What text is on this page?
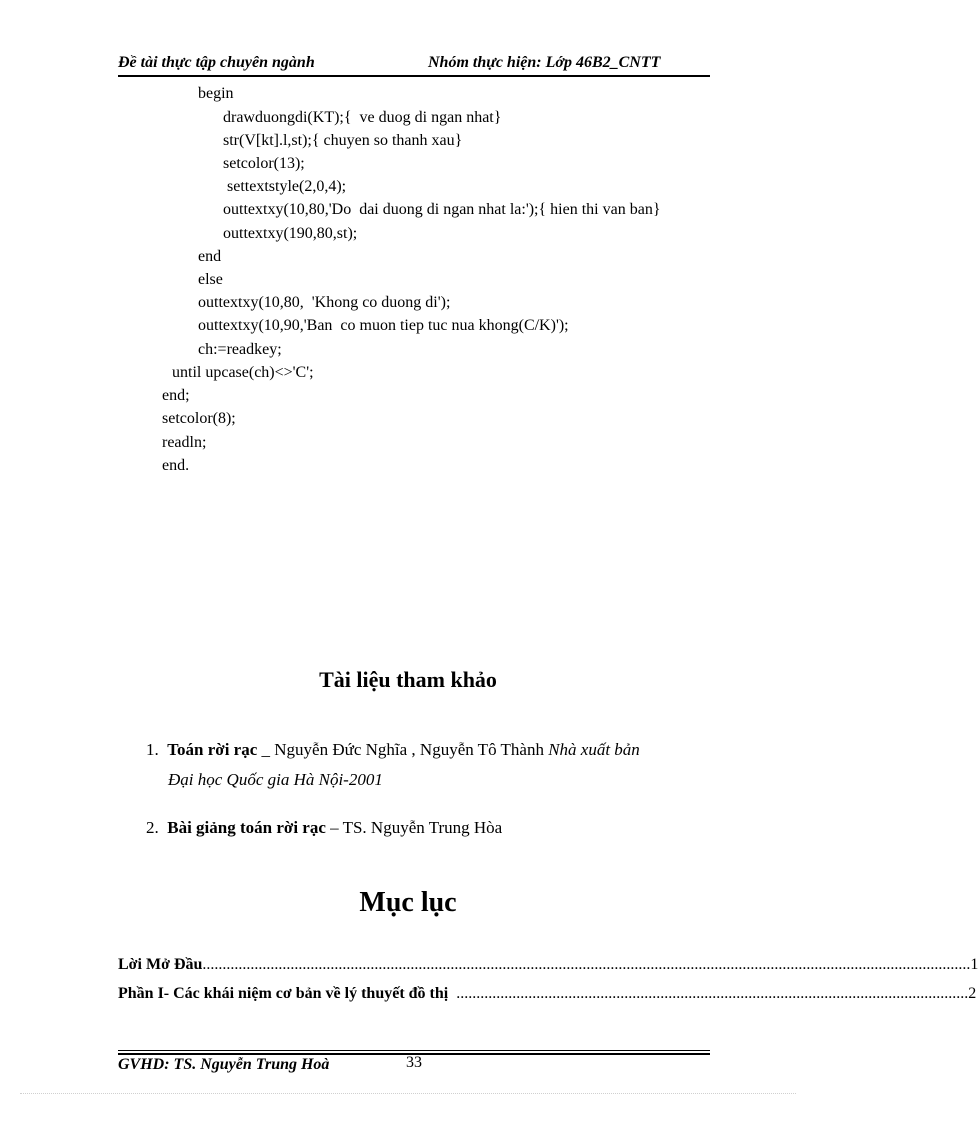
Đề tài thực tập chuyên ngành	Nhóm thực hiện: Lớp 46B2_CNTT
begin
drawduongdi(KT);{  ve duog di ngan nhat}
str(V[kt].l,st);{ chuyen so thanh xau}
setcolor(13);
settextstyle(2,0,4);
outtextxy(10,80,'Do  dai duong di ngan nhat la:');{ hien thi van ban}
outtextxy(190,80,st);
end
else
outtextxy(10,80,  'Khong co duong di');
outtextxy(10,90,'Ban  co muon tiep tuc nua khong(C/K)');
ch:=readkey;
until upcase(ch)<>'C';
end;
setcolor(8);
readln;
end.
Tài liệu tham khảo
1. Toán rời rạc _ Nguyễn Đức Nghĩa , Nguyễn Tô Thành Nhà xuất bản
Đại học Quốc gia Hà Nội-2001
2. Bài giảng toán rời rạc – TS. Nguyễn Trung Hòa
Mục lục
Lời Mở Đầu ................................................................................................................................................................................................ 1
Phần I- Các khái niệm cơ bản về lý thuyết đồ thị ................................................................................................................................ 2
GVHD: TS. Nguyễn Trung Hoà	33
